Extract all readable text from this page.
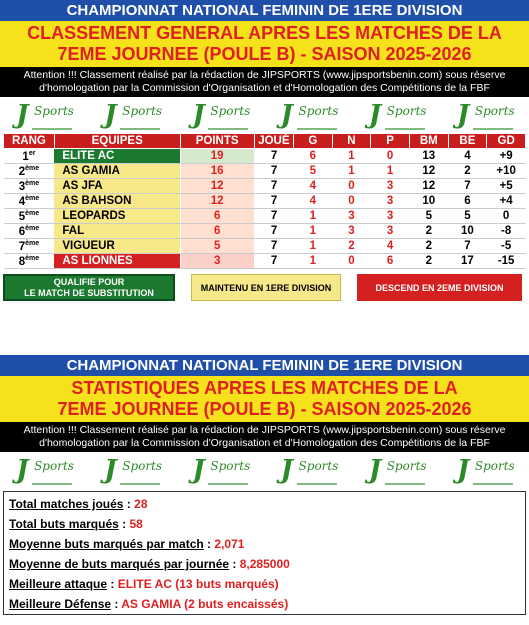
CHAMPIONNAT NATIONAL FEMININ DE 1ERE DIVISION
CLASSEMENT GENERAL APRES LES MATCHES DE LA
7EME JOURNEE (POULE B) - SAISON 2025-2026
Attention !!! Classement réalisé par la rédaction de JIPSPORTS (www.jipsportsbenin.com) sous réserve
d'homologation par la Commission d'Organisation et d'Homologation des Compétitions de la FBF
J Sports J Sports J Sports J Sports J Sports J Sports
RANG	EQUIPES	POINTS	JOUÉ	G	N	P	BM	BE	GD
1er	ELITE AC	19	7	6	1	0	13	4	+9
2ème	AS GAMIA	16	7	5	1	1	12	2	+10
3ème	AS JFA	12	7	4	0	3	12	7	+5
4ème	AS BAHSON	12	7	4	0	3	10	6	+4
5ème	LEOPARDS	6	7	1	3	3	5	5	0
6ème	FAL	6	7	1	3	3	2	10	-8
7ème	VIGUEUR	5	7	1	2	4	2	7	-5
8ème	AS LIONNES	3	7	1	0	6	2	17	-15
QUALIFIE POUR
LE MATCH DE SUBSTITUTION	MAINTENU EN 1ERE DIVISION	DESCEND EN 2EME DIVISION
CHAMPIONNAT NATIONAL FEMININ DE 1ERE DIVISION
STATISTIQUES APRES LES MATCHES DE LA
7EME JOURNEE (POULE B) - SAISON 2025-2026
Attention !!! Classement réalisé par la rédaction de JIPSPORTS (www.jipsportsbenin.com) sous réserve
d'homologation par la Commission d'Organisation et d'Homologation des Compétitions de la FBF
J Sports J Sports J Sports J Sports J Sports J Sports
Total matches joués : 28
Total buts marqués : 58
Moyenne buts marqués par match : 2,071
Moyenne de buts marqués par journée : 8,285000
Meilleure attaque : ELITE AC (13 buts marqués)
Meilleure Défense : AS GAMIA (2 buts encaissés)
